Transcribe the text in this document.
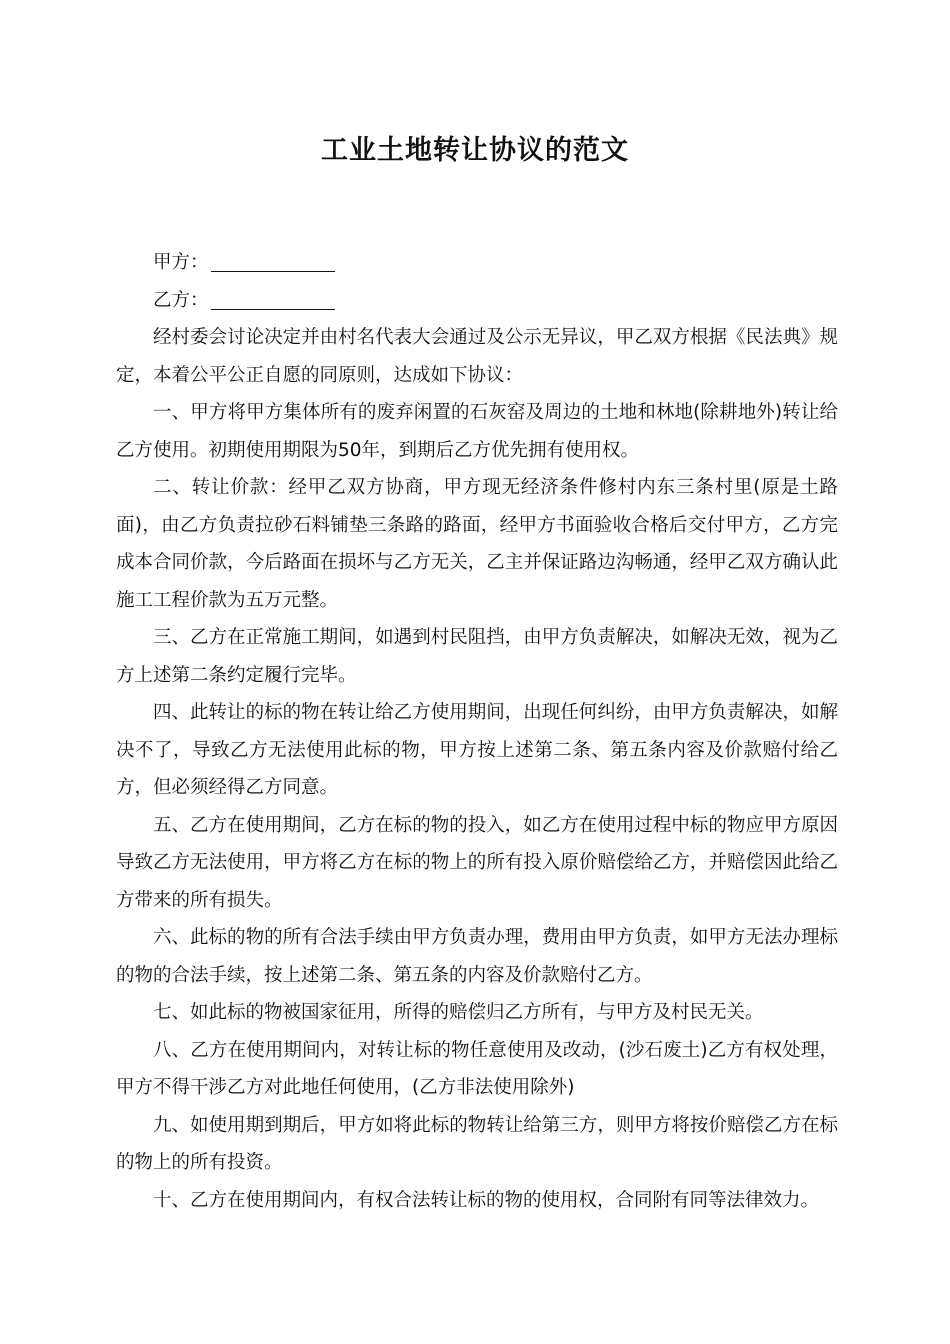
工业土地转让协议的范文

甲方：

乙方：

经村委会讨论决定并由村名代表大会通过及公示无异议，甲乙双方根据《民法典》规定，本着公平公正自愿的同原则，达成如下协议：

一、甲方将甲方集体所有的废弃闲置的石灰窑及周边的土地和林地(除耕地外)转让给乙方使用。初期使用期限为50年，到期后乙方优先拥有使用权。

二、转让价款：经甲乙双方协商，甲方现无经济条件修村内东三条村里(原是土路面)，由乙方负责拉砂石料铺垫三条路的路面，经甲方书面验收合格后交付甲方，乙方完成本合同价款，今后路面在损坏与乙方无关，乙主并保证路边沟畅通，经甲乙双方确认此施工工程价款为五万元整。

三、乙方在正常施工期间，如遇到村民阻挡，由甲方负责解决，如解决无效，视为乙方上述第二条约定履行完毕。

四、此转让的标的物在转让给乙方使用期间，出现任何纠纷，由甲方负责解决，如解决不了，导致乙方无法使用此标的物，甲方按上述第二条、第五条内容及价款赔付给乙方，但必须经得乙方同意。

五、乙方在使用期间，乙方在标的物的投入，如乙方在使用过程中标的物应甲方原因导致乙方无法使用，甲方将乙方在标的物上的所有投入原价赔偿给乙方，并赔偿因此给乙方带来的所有损失。

六、此标的物的所有合法手续由甲方负责办理，费用由甲方负责，如甲方无法办理标的物的合法手续，按上述第二条、第五条的内容及价款赔付乙方。

七、如此标的物被国家征用，所得的赔偿归乙方所有，与甲方及村民无关。

八、乙方在使用期间内，对转让标的物任意使用及改动，(沙石废土)乙方有权处理，甲方不得干涉乙方对此地任何使用，(乙方非法使用除外)

九、如使用期到期后，甲方如将此标的物转让给第三方，则甲方将按价赔偿乙方在标的物上的所有投资。

十、乙方在使用期间内，有权合法转让标的物的使用权，合同附有同等法律效力。
